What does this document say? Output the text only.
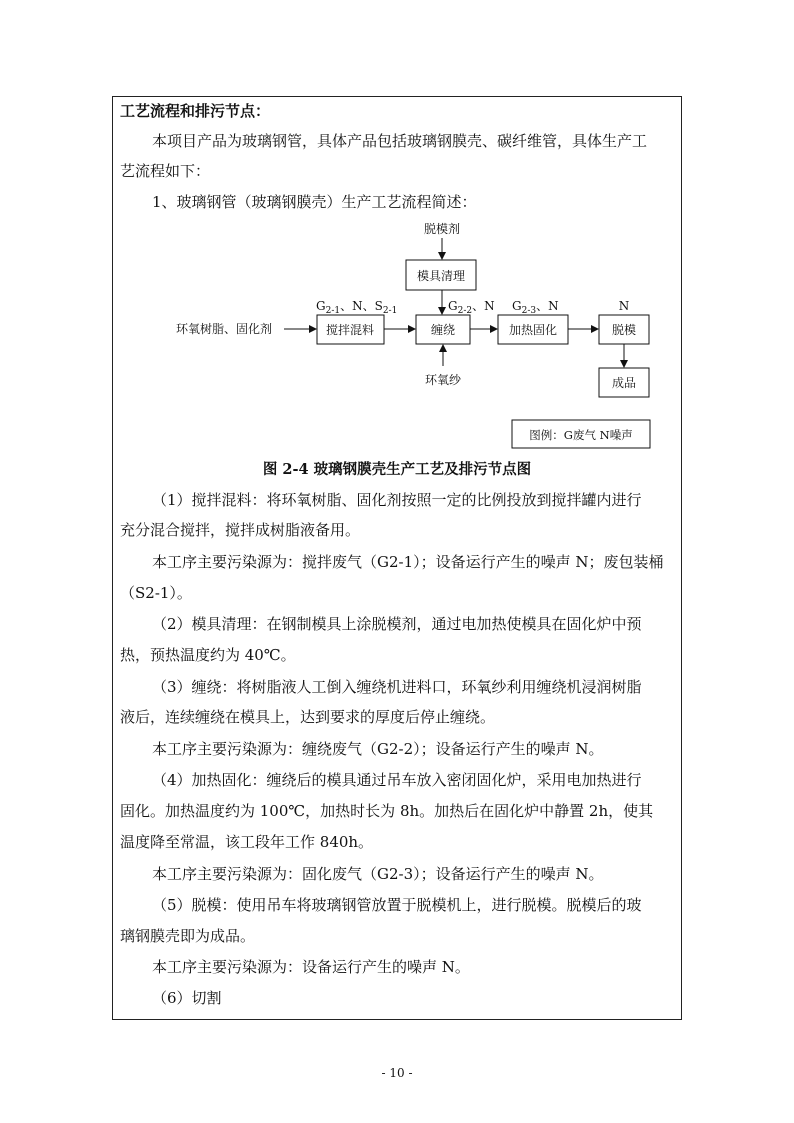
工艺流程和排污节点：
本项目产品为玻璃钢管，具体产品包括玻璃钢膜壳、碳纤维管，具体生产工
艺流程如下：
1、玻璃钢管（玻璃钢膜壳）生产工艺流程简述：
脱模剂
模具清理
环氧树脂、固化剂	搅拌混料	缠绕	加热固化	脱模
成品
环氧纱
$G_{2-1}$、N、$S_{2-1}$	$G_{2-2}$、N $G_{2-3}$、N	N
图例：G废气 N噪声
图 2-4 玻璃钢膜壳生产工艺及排污节点图
（1）搅拌混料：将环氧树脂、固化剂按照一定的比例投放到搅拌罐内进行
充分混合搅拌，搅拌成树脂液备用。
本工序主要污染源为：搅拌废气（G2-1）；设备运行产生的噪声 N；废包装桶
（S2-1）。
（2）模具清理：在钢制模具上涂脱模剂，通过电加热使模具在固化炉中预
热，预热温度约为 40℃。
（3）缠绕：将树脂液人工倒入缠绕机进料口，环氧纱利用缠绕机浸润树脂
液后，连续缠绕在模具上，达到要求的厚度后停止缠绕。
本工序主要污染源为：缠绕废气（G2-2）；设备运行产生的噪声 N。
（4）加热固化：缠绕后的模具通过吊车放入密闭固化炉，采用电加热进行
固化。加热温度约为 100℃，加热时长为 8h。加热后在固化炉中静置 2h，使其
温度降至常温，该工段年工作 840h。
本工序主要污染源为：固化废气（G2-3）；设备运行产生的噪声 N。
（5）脱模：使用吊车将玻璃钢管放置于脱模机上，进行脱模。脱模后的玻
璃钢膜壳即为成品。
本工序主要污染源为：设备运行产生的噪声 N。
（6）切割
- 10 -
